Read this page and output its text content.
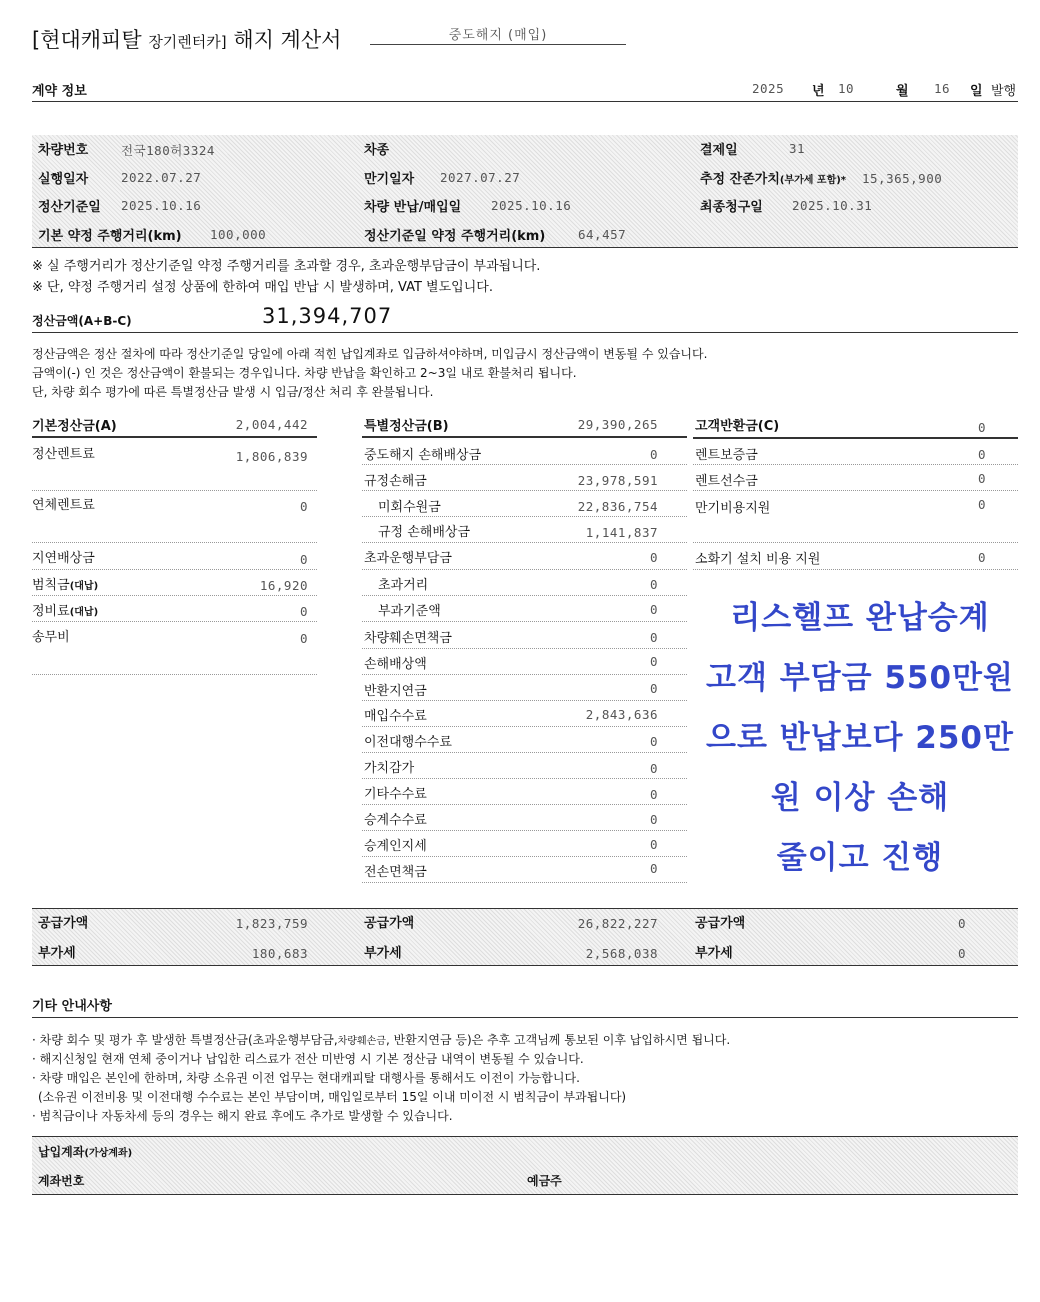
[현대캐피탈 장기렌터카] 해지 계산서	중도해지 (매입)
계약 정보	2025 년 10	월 16 일 발행
차량번호	전국180허3324	차종	결제일	31
실행일자	2022.07.27	만기일자 2027.07.27	추정 잔존가치(부가세 포함)* 15,365,900
정산기준일 2025.10.16	차량 반납/매입일 2025.10.16	최종청구일 2025.10.31
기본 약정 주행거리(km) 100,000	정산기준일 약정 주행거리(km)	64,457
※ 실 주행거리가 정산기준일 약정 주행거리를 초과할 경우, 초과운행부담금이 부과됩니다.
※ 단, 약정 주행거리 설정 상품에 한하여 매입 반납 시 발생하며, VAT 별도입니다.
정산금액(A+B-C)	31,394,707
정산금액은 정산 절차에 따라 정산기준일 당일에 아래 적힌 납입계좌로 입금하셔야하며, 미입금시 정산금액이 변동될 수 있습니다.
금액이(-) 인 것은 정산금액이 환불되는 경우입니다. 차량 반납을 확인하고 2~3일 내로 환불처리 됩니다.
단, 차량 회수 평가에 따른 특별정산금 발생 시 입금/정산 처리 후 완불됩니다.
기본정산금(A)	2,004,442
정산렌트료	1,806,839
연체렌트료	0
지연배상금	0
범칙금(대납)	16,920
정비료(대납)	0
송무비	0
특별정산금(B)	29,390,265
중도해지 손해배상금	0
규정손해금	23,978,591
미회수원금	22,836,754
규정 손해배상금	1,141,837
초과운행부담금	0
초과거리	0
부과기준액	0
차량훼손면책금	0
손해배상액	0
반환지연금	0
매입수수료	2,843,636
이전대행수수료	0
가치감가	0
기타수수료	0
승계수수료	0
승계인지세	0
전손면책금	0
고객반환금(C)	0
렌트보증금	0
렌트선수금	0
만기비용지원	0
소화기 설치 비용 지원	0
리스헬프 완납승계
고객 부담금 550만원
으로 반납보다 250만
원 이상 손해
줄이고 진행
공급가액	1,823,759
부가세	180,683
공급가액	26,822,227
부가세	2,568,038
공급가액	0
부가세	0
기타 안내사항
· 차량 회수 및 평가 후 발생한 특별정산금(초과운행부담금,차량훼손금, 반환지연금 등)은 추후 고객님께 통보된 이후 납입하시면 됩니다.
· 해지신청일 현재 연체 중이거나 납입한 리스료가 전산 미반영 시 기본 정산금 내역이 변동될 수 있습니다.
· 차량 매입은 본인에 한하며, 차량 소유권 이전 업무는 현대캐피탈 대행사를 통해서도 이전이 가능합니다.
(소유권 이전비용 및 이전대행 수수료는 본인 부담이며, 매입일로부터 15일 이내 미이전 시 범칙금이 부과됩니다)
· 범칙금이나 자동차세 등의 경우는 해지 완료 후에도 추가로 발생할 수 있습니다.
납입계좌(가상계좌)
계좌번호	예금주
